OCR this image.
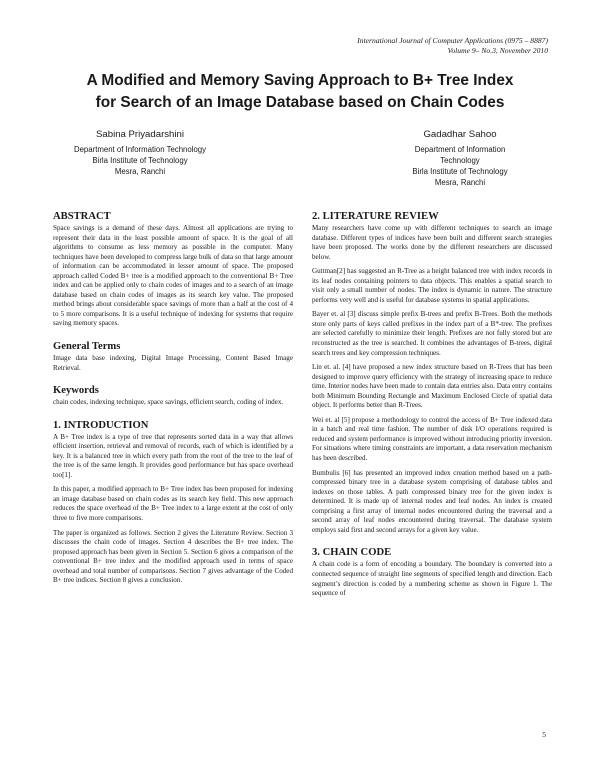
International Journal of Computer Applications (0975 – 8887)
Volume 9– No.3, November 2010
A Modified and Memory Saving Approach to B+ Tree Index
for Search of an Image Database based on Chain Codes
Sabina Priyadarshini
Department of Information Technology
Birla Institute of Technology
Mesra, Ranchi
Gadadhar Sahoo
Department of Information
Technology
Birla Institute of Technology
Mesra, Ranchi
ABSTRACT

Space savings is a demand of these days. Almost all applications are trying to represent their data in the least possible amount of space. It is the goal of all algorithms to consume as less memory as possible in the computer. Many techniques have been developed to compress large bulk of data so that large amount of information can be accommodated in lesser amount of space. The proposed approach called Coded B+ tree is a modified approach to the conventional B+ Tree index and can be applied only to chain codes of images and to a search of an image database based on chain codes of images as its search key value. The proposed method brings about considerable space savings of more than a half at the cost of 4 to 5 more comparisons. It is a useful technique of indexing for systems that require saving memory spaces.

General Terms

Image data base indexing, Digital Image Processing, Content Based Image Retrieval.

Keywords

chain codes, indexing technique, space savings, efficient search, coding of index.

1. INTRODUCTION

A B+ Tree index is a type of tree that represents sorted data in a way that allows efficient insertion, retrieval and removal of records, each of which is identified by a key. It is a balanced tree in which every path from the root of the tree to the leaf of the tree is of the same length. It provides good performance but has space overhead too[1].

In this paper, a modified approach to B+ Tree index has been proposed for indexing an image database based on chain codes as its search key field. This new approach reduces the space overhead of the B+ Tree index to a large extent at the cost of only three to five more comparisons.

The paper is organized as follows. Section 2 gives the Literature Review. Section 3 discusses the chain code of images. Section 4 describes the B+ tree index. The proposed approach has been given in Section 5. Section 6 gives a comparison of the conventional B+ tree index and the modified approach used in terms of space overhead and total number of comparisons. Section 7 gives advantage of the Coded B+ tree indices. Section 8 gives a conclusion.

2. LITERATURE REVIEW

Many researchers have come up with different techniques to search an image database. Different types of indices have been built and different search strategies have been proposed. The works done by the different researchers are discussed below.

Guttman[2] has suggested an R-Tree as a height balanced tree with index records in its leaf nodes containing pointers to data objects. This enables a spatial search to visit only a small number of nodes. The index is dynamic in nature. The structure performs very well and is useful for database systems in spatial applications.

Bayer et. al [3] discuss simple prefix B-trees and prefix B-Trees. Both the methods store only parts of keys called prefixes in the index part of a B*-tree. The prefixes are selected carefully to minimize their length. Prefixes are not fully stored but are reconstructed as the tree is searched. It combines the advantages of B-trees, digital search trees and key compression techniques.

Lin et. al. [4] have proposed a new index structure based on R-Trees that has been designed to improve query efficiency with the strategy of increasing space to reduce time. Interior nodes have been made to contain data entries also. Data entry contains both Minimum Bounding Rectangle and Maximum Enclosed Circle of spatial data object. It performs better than R-Trees.

Wei et. al [5] propose a methodology to control the access of B+ Tree indexed data in a batch and real time fashion. The number of disk I/O operations required is reduced and system performance is improved without introducing priority inversion. For situations where timing constraints are important, a data reservation mechanism has been described.

Bumbulis [6] has presented an improved index creation method based on a path-compressed binary tree in a database system comprising of database tables and indexes on those tables. A path compressed binary tree for the given index is determined. It is made up of internal nodes and leaf nodes. An index is created comprising a first array of internal nodes encountered during the traversal and a second array of leaf nodes encountered during traversal. The database system employs said first and second arrays for a given key value.

3. CHAIN CODE

A chain code is a form of encoding a boundary. The boundary is converted into a connected sequence of straight line segments of specified length and direction. Each segment’s direction is coded by a numbering scheme as shown in Figure 1. The sequence of

5
